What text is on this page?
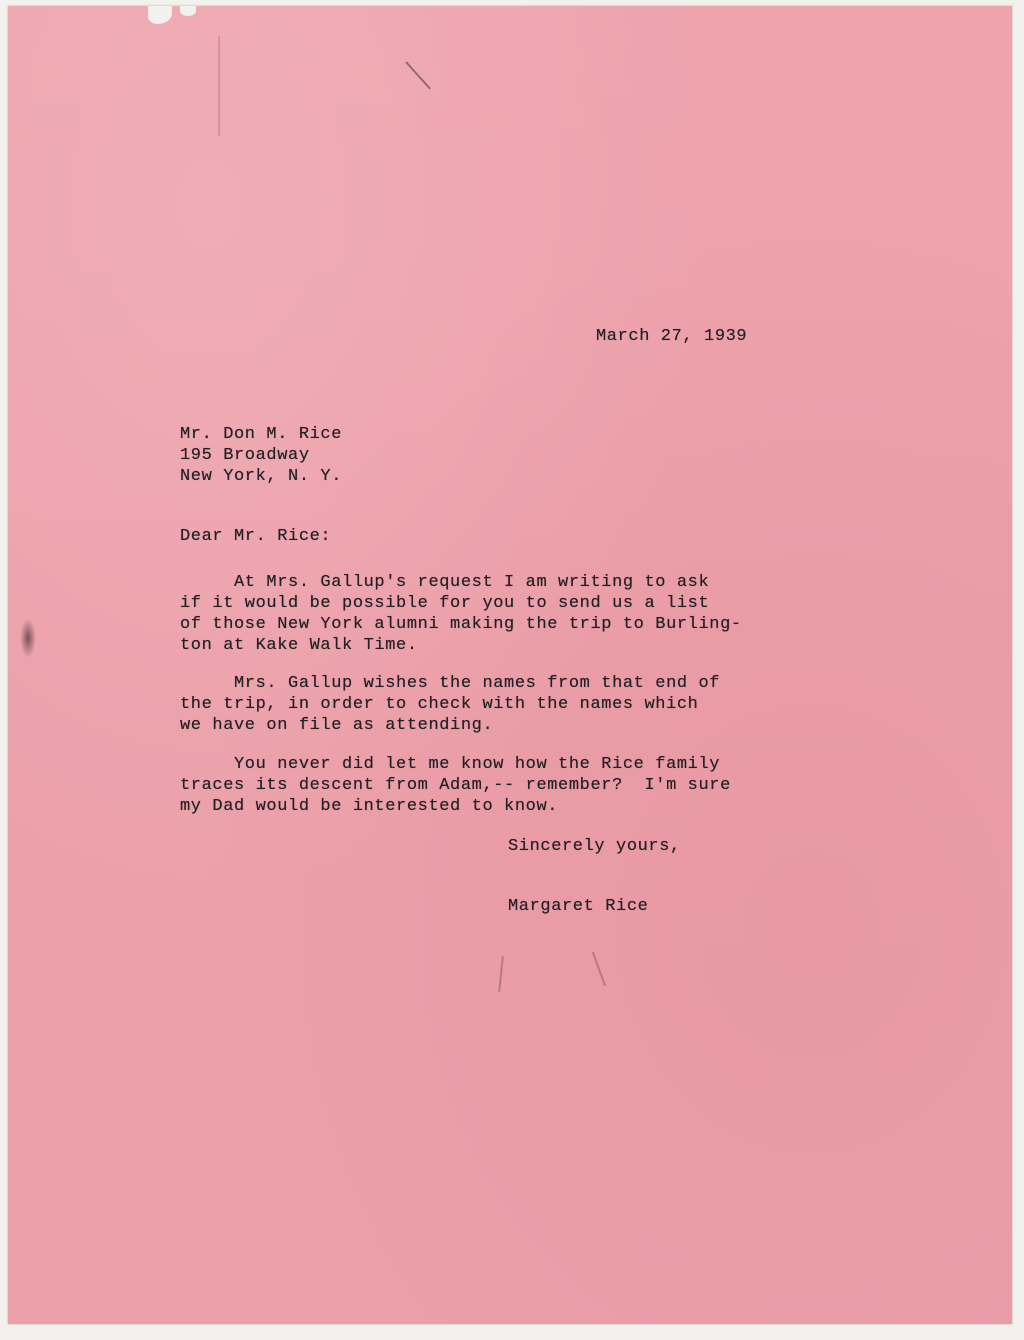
March 27, 1939
Mr. Don M. Rice
195 Broadway
New York, N. Y.
Dear Mr. Rice:
At Mrs. Gallup's request I am writing to ask
if it would be possible for you to send us a list
of those New York alumni making the trip to Burling-
ton at Kake Walk Time.
Mrs. Gallup wishes the names from that end of
the trip, in order to check with the names which
we have on file as attending.
You never did let me know how the Rice family
traces its descent from Adam,-- remember?  I'm sure
my Dad would be interested to know.
Sincerely yours,
Margaret Rice
